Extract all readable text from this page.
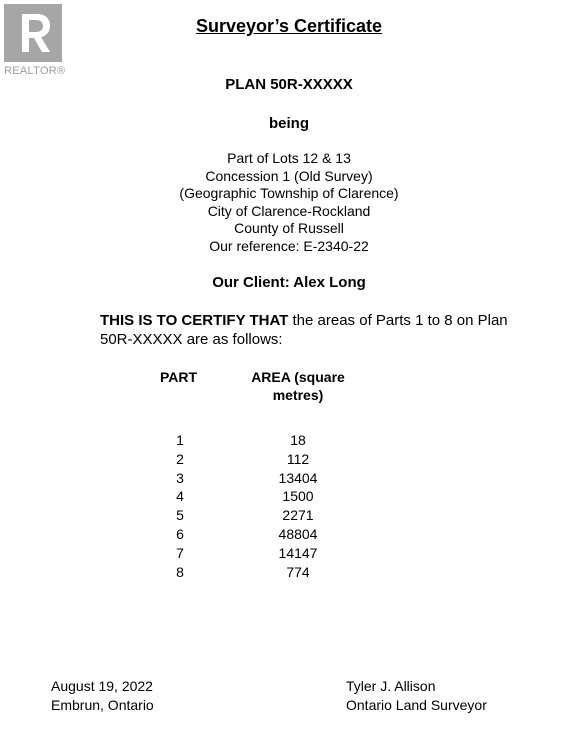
REALTOR®
Surveyor’s Certificate
PLAN 50R-XXXXX
being
Part of Lots 12 & 13
Concession 1 (Old Survey)
(Geographic Township of Clarence)
City of Clarence-Rockland
County of Russell
Our reference: E-2340-22
Our Client: Alex Long
THIS IS TO CERTIFY THAT the areas of Parts 1 to 8 on Plan 50R-XXXXX are as follows:
PART	AREA (square metres)
1
2
3
4
5
6
7
8
18
112
13404
1500
2271
48804
14147
774
August 19, 2022
Embrun, Ontario
Tyler J. Allison
Ontario Land Surveyor
